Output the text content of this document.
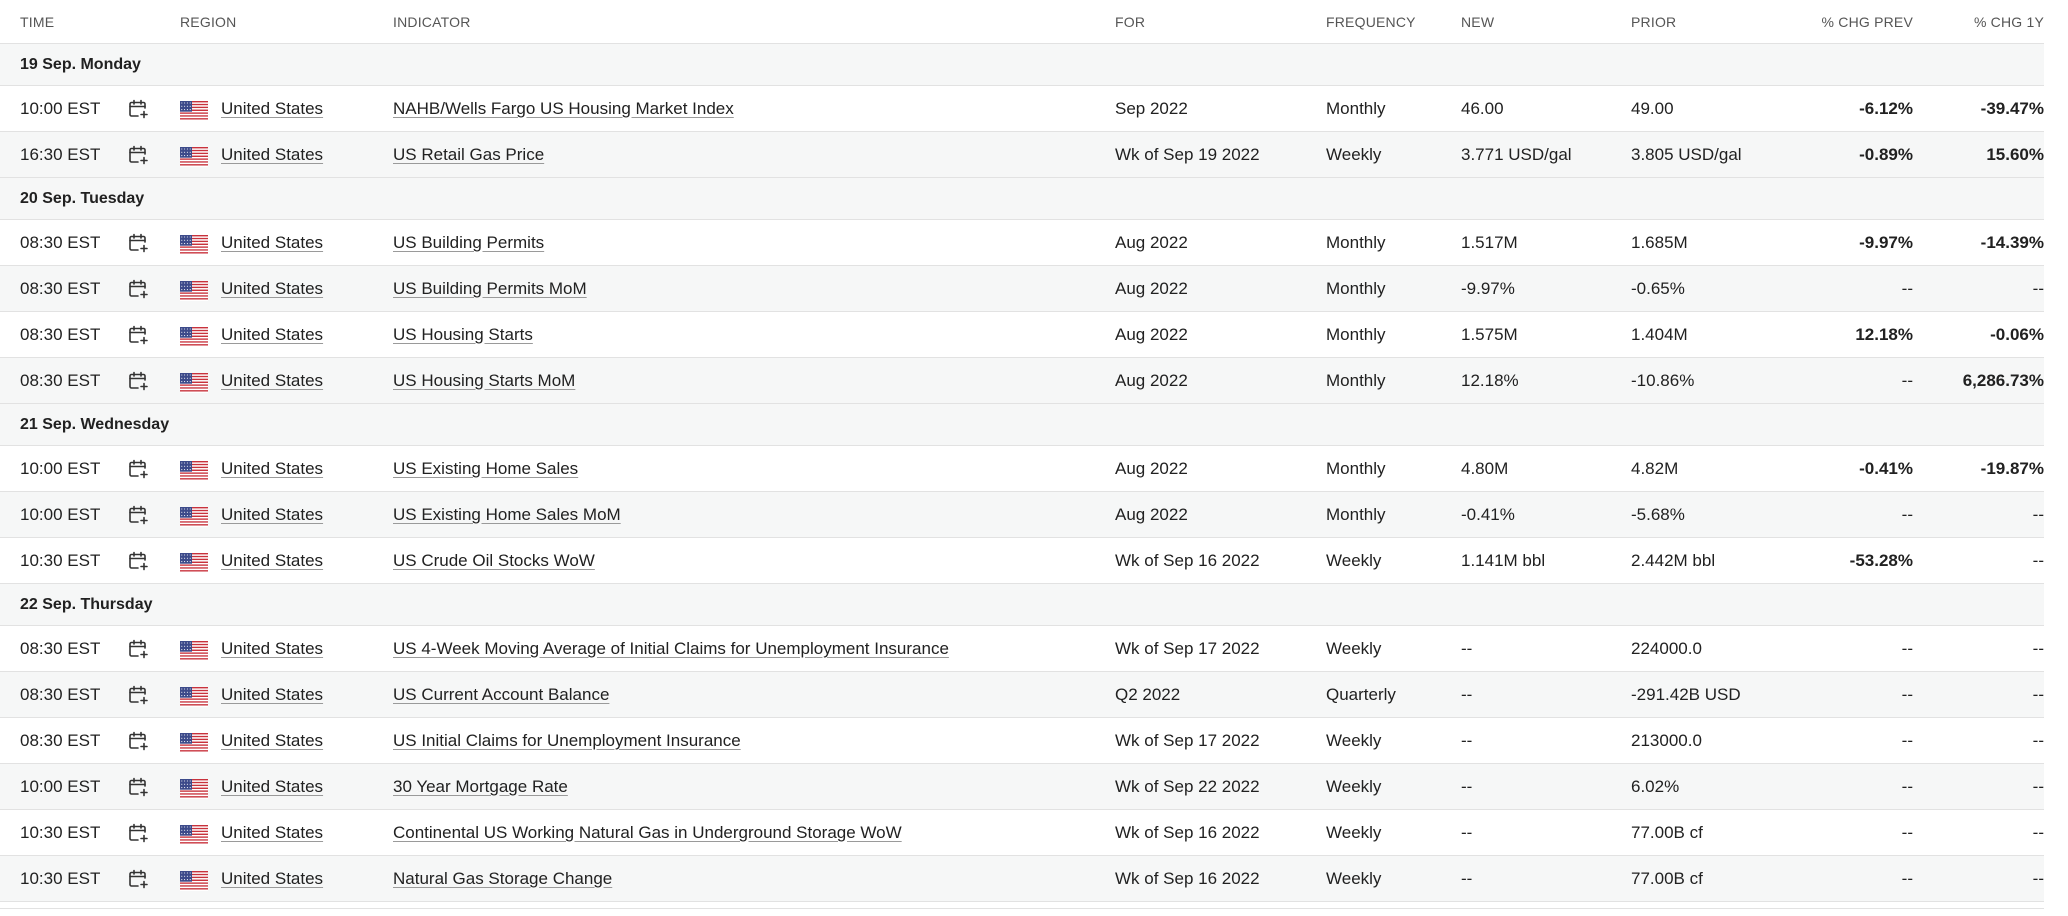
TIME	REGION	INDICATOR	FOR	FREQUENCY	NEW	PRIOR	% CHG PREV	% CHG 1Y
19 Sep. Monday
10:00 EST	United States	NAHB/Wells Fargo US Housing Market Index	Sep 2022	Monthly	46.00	49.00	-6.12%	-39.47%
16:30 EST	United States	US Retail Gas Price	Wk of Sep 19 2022	Weekly	3.771 USD/gal	3.805 USD/gal	-0.89%	15.60%
20 Sep. Tuesday
08:30 EST	United States	US Building Permits	Aug 2022	Monthly	1.517M	1.685M	-9.97%	-14.39%
08:30 EST	United States	US Building Permits MoM	Aug 2022	Monthly	-9.97%	-0.65%	--	--
08:30 EST	United States	US Housing Starts	Aug 2022	Monthly	1.575M	1.404M	12.18%	-0.06%
08:30 EST	United States	US Housing Starts MoM	Aug 2022	Monthly	12.18%	-10.86%	--	6,286.73%
21 Sep. Wednesday
10:00 EST	United States	US Existing Home Sales	Aug 2022	Monthly	4.80M	4.82M	-0.41%	-19.87%
10:00 EST	United States	US Existing Home Sales MoM	Aug 2022	Monthly	-0.41%	-5.68%	--	--
10:30 EST	United States	US Crude Oil Stocks WoW	Wk of Sep 16 2022	Weekly	1.141M bbl	2.442M bbl	-53.28%	--
22 Sep. Thursday
08:30 EST	United States	US 4-Week Moving Average of Initial Claims for Unemployment Insurance	Wk of Sep 17 2022	Weekly	--	224000.0	--	--
08:30 EST	United States	US Current Account Balance	Q2 2022	Quarterly	--	-291.42B USD	--	--
08:30 EST	United States	US Initial Claims for Unemployment Insurance	Wk of Sep 17 2022	Weekly	--	213000.0	--	--
10:00 EST	United States	30 Year Mortgage Rate	Wk of Sep 22 2022	Weekly	--	6.02%	--	--
10:30 EST	United States	Continental US Working Natural Gas in Underground Storage WoW	Wk of Sep 16 2022	Weekly	--	77.00B cf	--	--
10:30 EST	United States	Natural Gas Storage Change	Wk of Sep 16 2022	Weekly	--	77.00B cf	--	--
